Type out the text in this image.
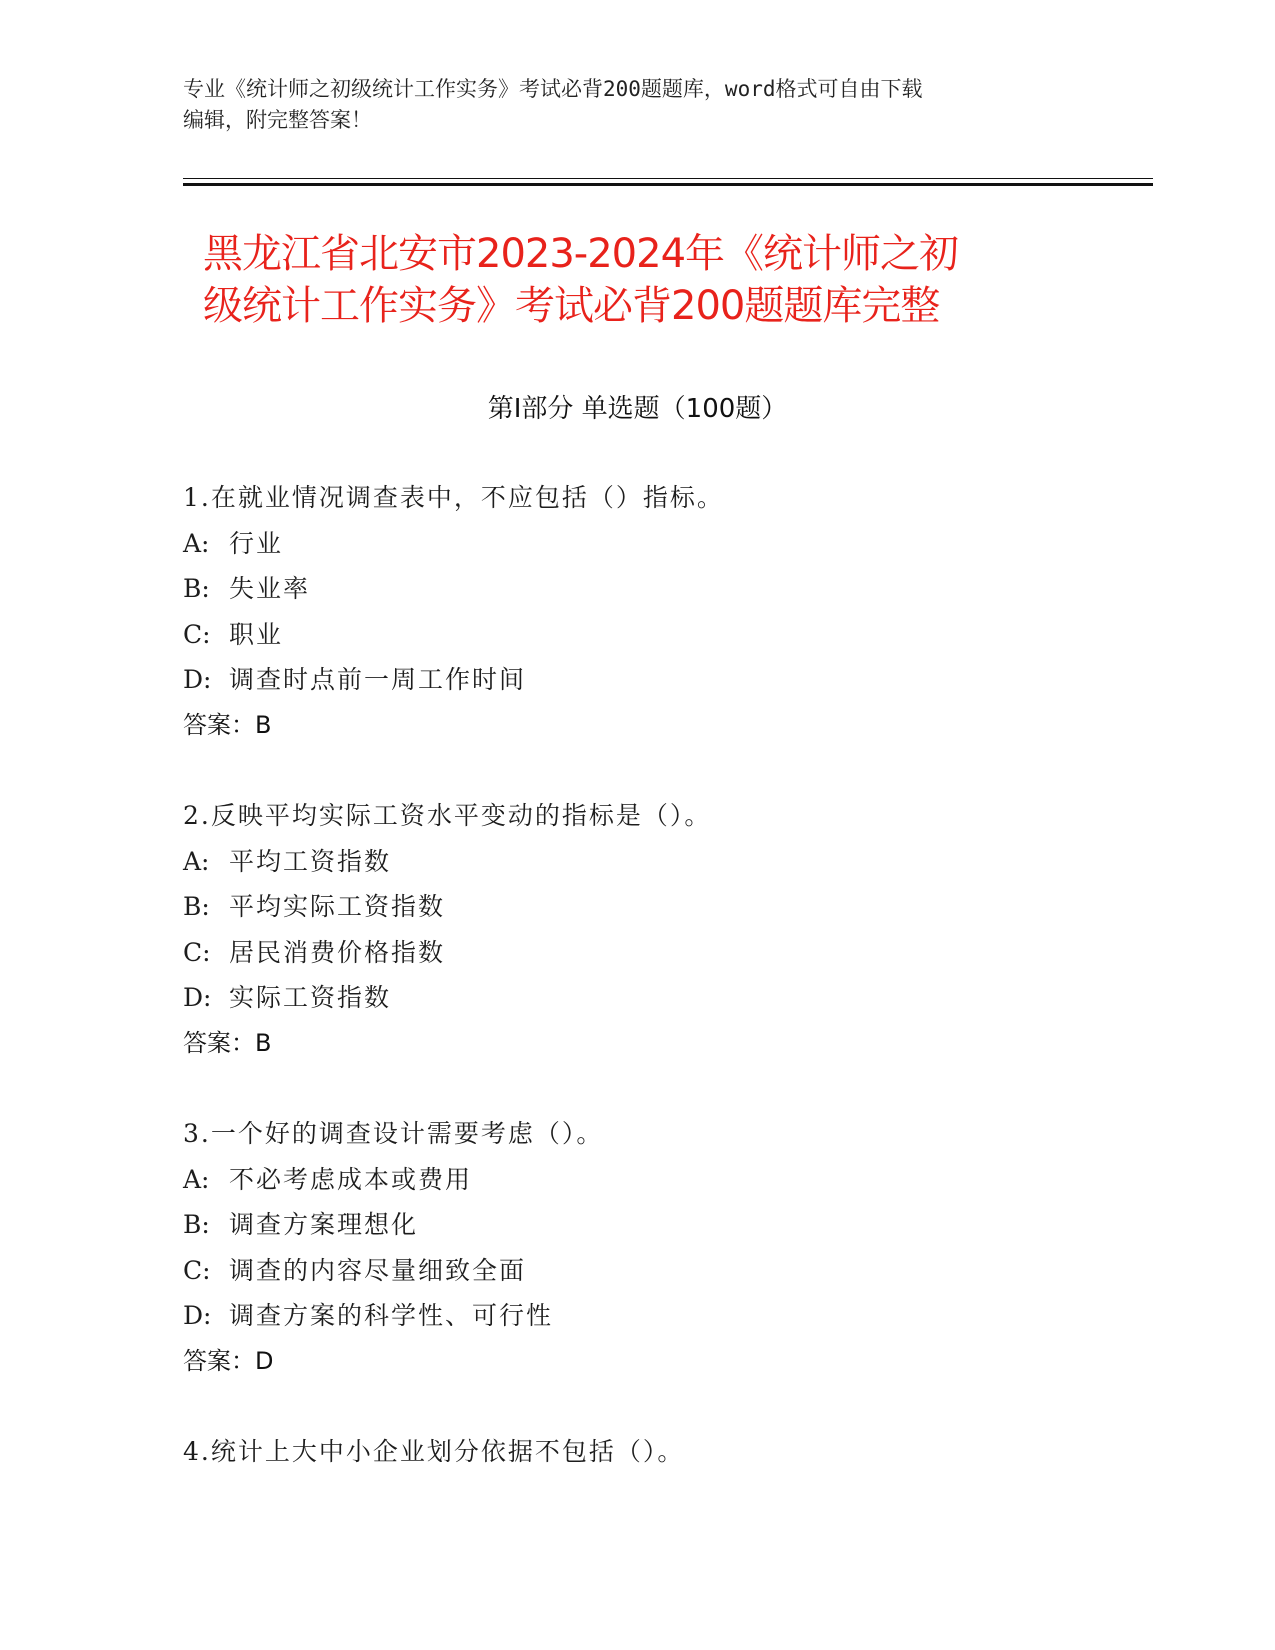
专业《统计师之初级统计工作实务》考试必背200题题库，word格式可自由下载
编辑，附完整答案！
黑龙江省北安市2023-2024年《统计师之初
级统计工作实务》考试必背200题题库完整
第Ⅰ部分 单选题（100题）
1.在就业情况调查表中，不应包括（）指标。
A: 行业
B: 失业率
C: 职业
D: 调查时点前一周工作时间
答案：B
2.反映平均实际工资水平变动的指标是（）。
A: 平均工资指数
B: 平均实际工资指数
C: 居民消费价格指数
D: 实际工资指数
答案：B
3.一个好的调查设计需要考虑（）。
A: 不必考虑成本或费用
B: 调查方案理想化
C: 调查的内容尽量细致全面
D: 调查方案的科学性、可行性
答案：D
4.统计上大中小企业划分依据不包括（）。
